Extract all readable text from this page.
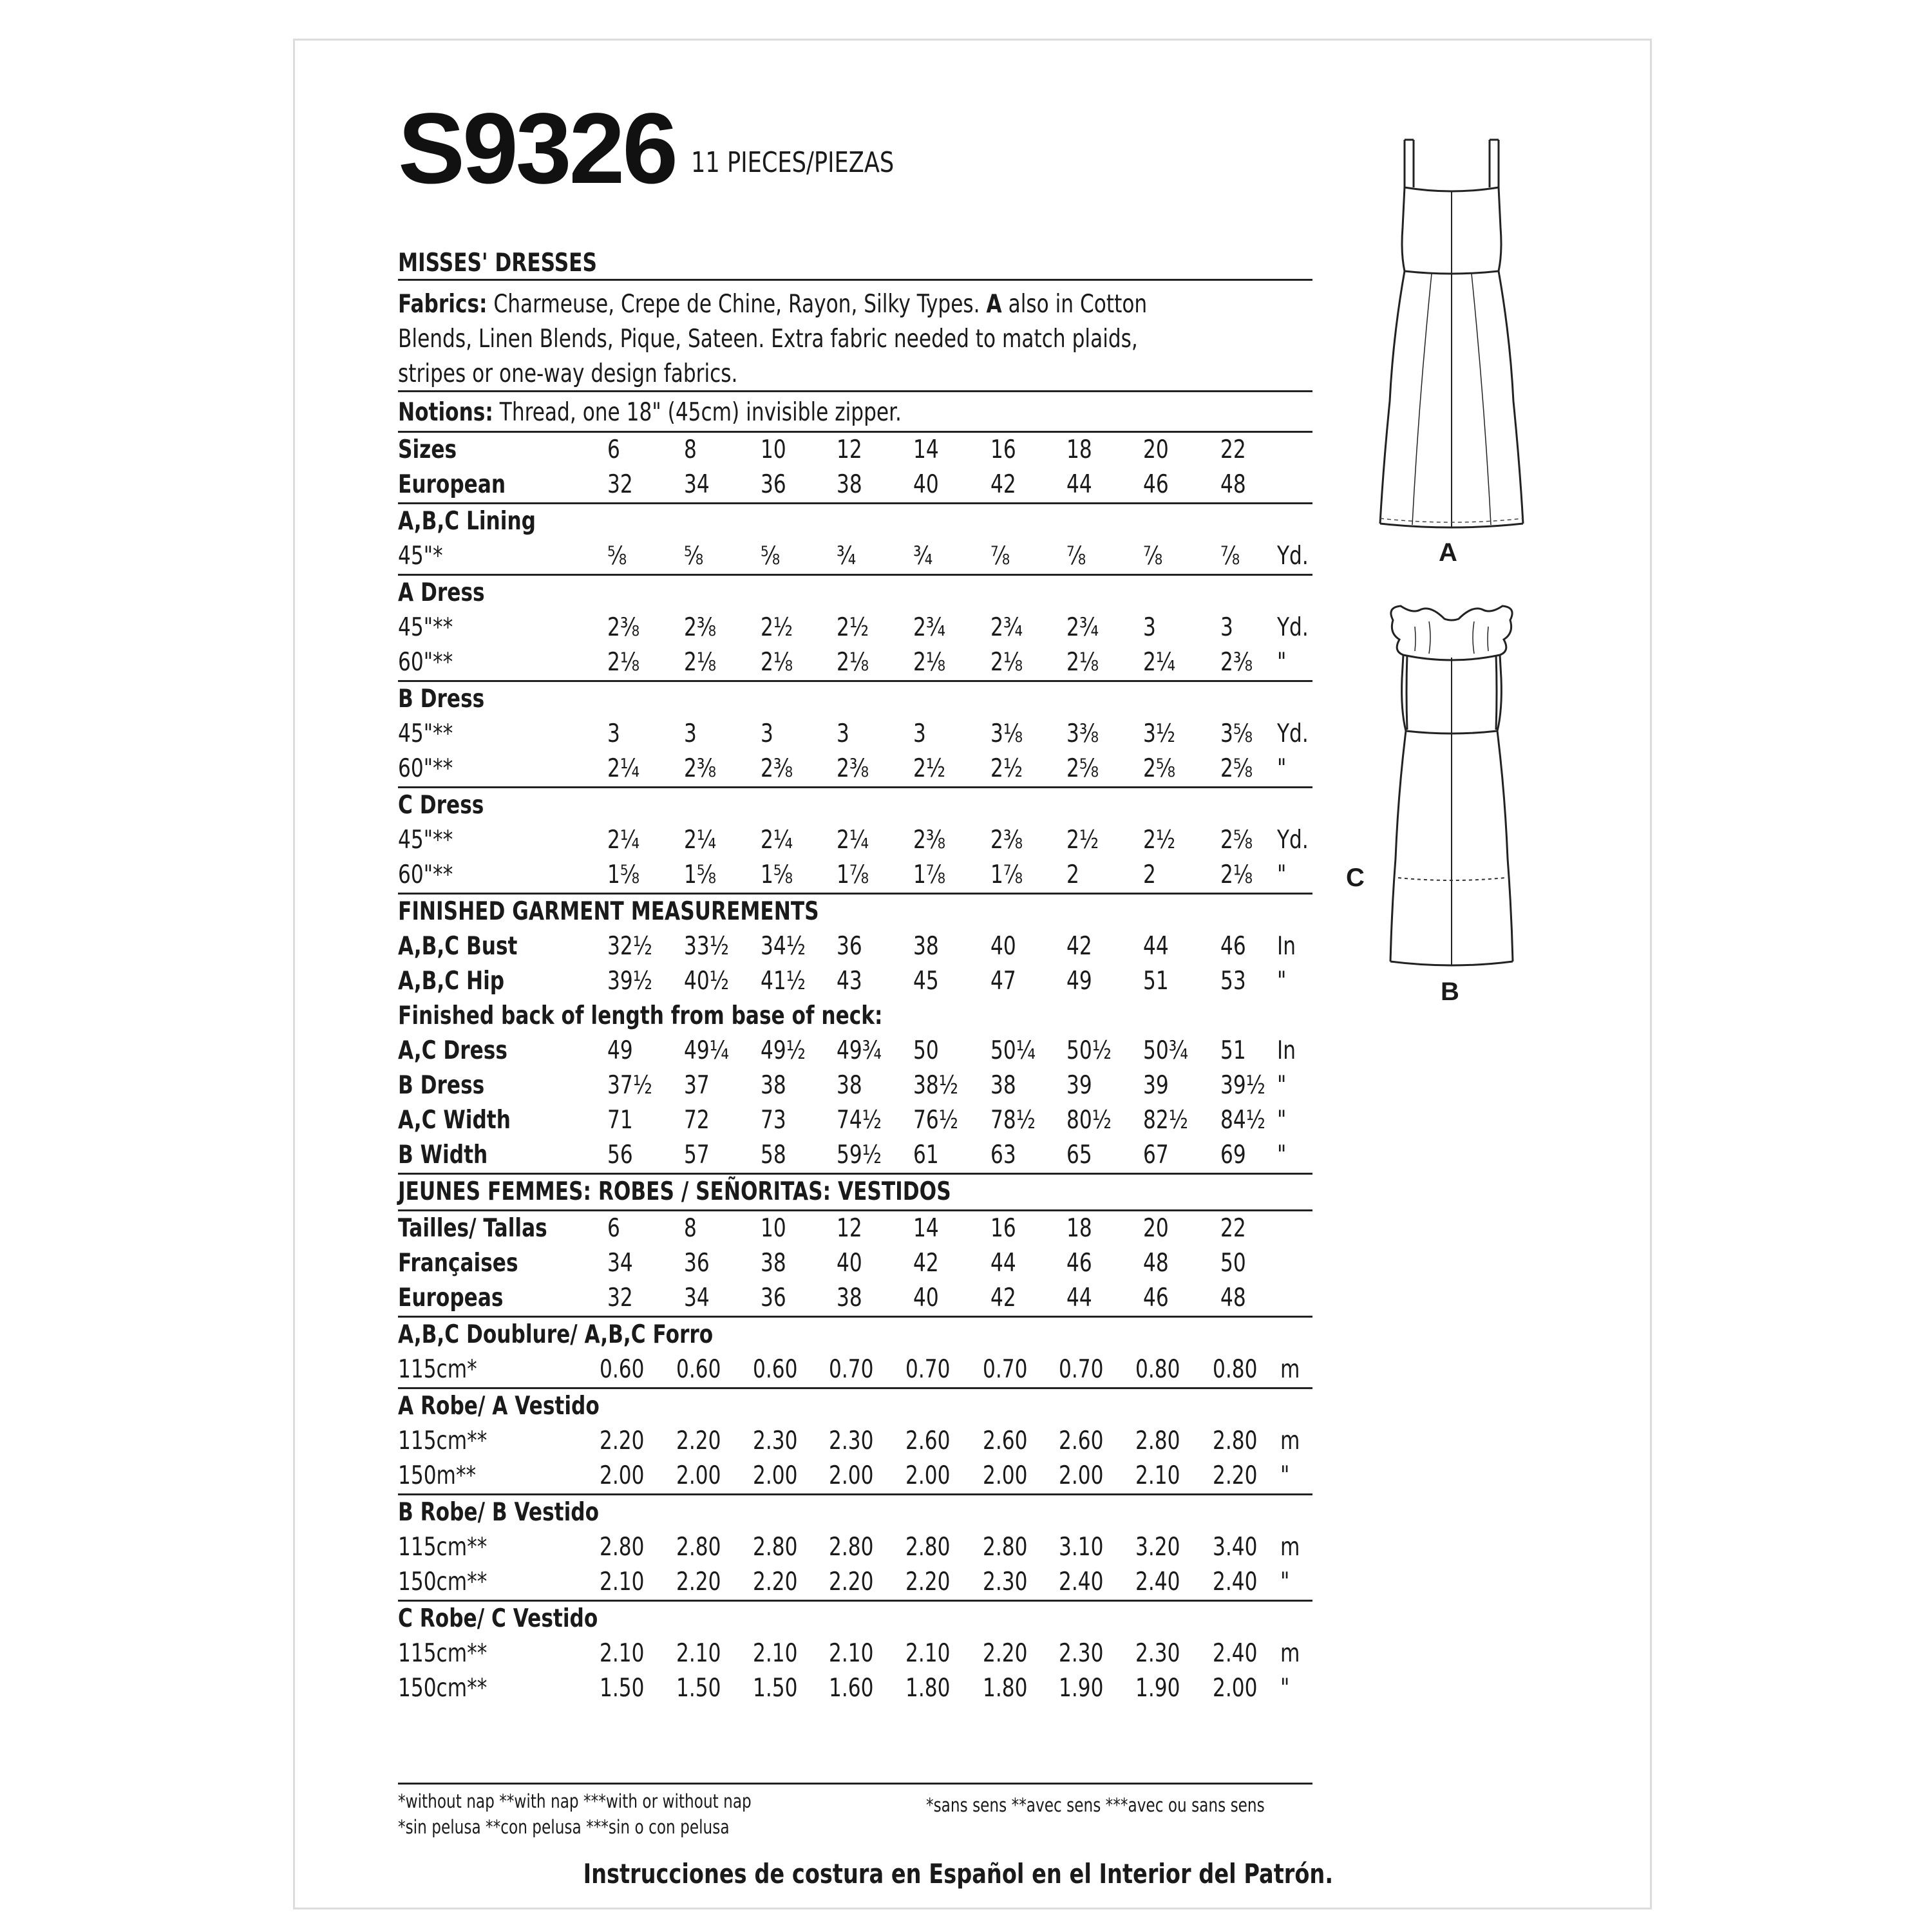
S9326 11 PIECES/PIEZAS
MISSES' DRESSES
Fabrics: Charmeuse, Crepe de Chine, Rayon, Silky Types. A also in Cotton Blends, Linen Blends, Pique, Sateen. Extra fabric needed to match plaids, stripes or one-way design fabrics.
Notions: Thread, one 18" (45cm) invisible zipper.
Sizes	6	8	10 12 14 16 18 20 22
European	32 34 36 38 40 42 44 46 48
A,B,C Lining
45"*	⅝ ⅝ ⅝ ¾ ¾ ⅞ ⅞ ⅞ ⅞ Yd.
A Dress
45"**	2⅜ 2⅜ 2½ 2½ 2¾ 2¾ 2¾ 3	3 Yd.
60"**	2⅛ 2⅛ 2⅛ 2⅛ 2⅛ 2⅛ 2⅛ 2¼ 2⅜ "
B Dress
45"**	3	3	3	3	3	3⅛ 3⅜ 3½ 3⅝ Yd.
60"**	2¼ 2⅜ 2⅜ 2⅜ 2½ 2½ 2⅝ 2⅝ 2⅝ "
C Dress
45"**	2¼ 2¼ 2¼ 2¼ 2⅜ 2⅜ 2½ 2½ 2⅝ Yd.
60"**	1⅝ 1⅝ 1⅝ 1⅞ 1⅞ 1⅞ 2	2	2⅛ "
FINISHED GARMENT MEASUREMENTS
A,B,C Bust	32½ 33½ 34½ 36 38 40 42 44 46 In
A,B,C Hip	39½ 40½ 41½ 43 45 47 49 51 53 "
Finished back of length from base of neck:
A,C Dress	49 49¼ 49½ 49¾ 50 50¼ 50½ 50¾ 51 In
B Dress	37½ 37 38 38 38½ 38 39 39 39½ "
A,C Width	71 72 73 74½ 76½ 78½ 80½ 82½ 84½ "
B Width	56 57 58 59½ 61 63 65 67 69 "
JEUNES FEMMES: ROBES / SEÑORITAS: VESTIDOS
Tailles/ Tallas 6	8	10 12 14 16 18 20 22
Françaises	34 36 38 40 42 44 46 48 50
Europeas	32 34 36 38 40 42 44 46 48
A,B,C Doublure/ A,B,C Forro
115cm*	0.60 0.60 0.60 0.70 0.70 0.70 0.70 0.80 0.80 m
A Robe/ A Vestido
115cm**	2.20 2.20 2.30 2.30 2.60 2.60 2.60 2.80 2.80 m
150m**	2.00 2.00 2.00 2.00 2.00 2.00 2.00 2.10 2.20 "
B Robe/ B Vestido
115cm**	2.80 2.80 2.80 2.80 2.80 2.80 3.10 3.20 3.40 m
150cm**	2.10 2.20 2.20 2.20 2.20 2.30 2.40 2.40 2.40 "
C Robe/ C Vestido
115cm**	2.10 2.10 2.10 2.10 2.10 2.20 2.30 2.30 2.40 m
150cm**	1.50 1.50 1.50 1.60 1.80 1.80 1.90 1.90 2.00 "
*without nap **with nap ***with or without nap
*sin pelusa **con pelusa ***sin o con pelusa
*sans sens **avec sens ***avec ou sans sens
Instrucciones de costura en Español en el Interior del Patrón.
A
C
B
